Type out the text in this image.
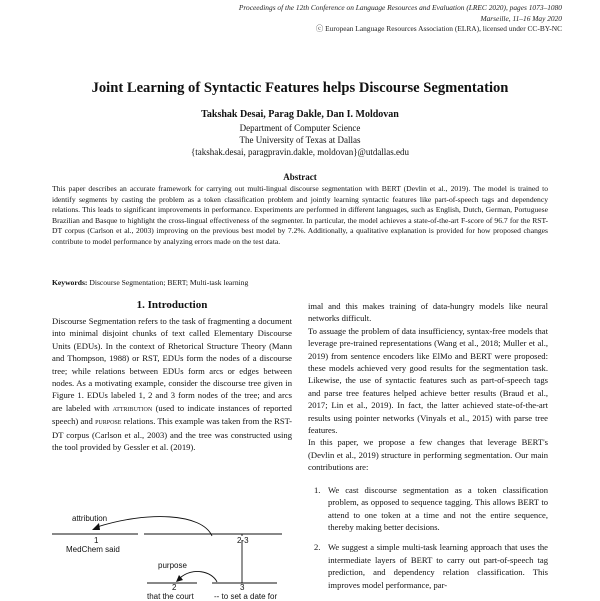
Proceedings of the 12th Conference on Language Resources and Evaluation (LREC 2020), pages 1073–1080
Marseille, 11–16 May 2020
ⓒ European Language Resources Association (ELRA), licensed under CC-BY-NC
Joint Learning of Syntactic Features helps Discourse Segmentation
Takshak Desai, Parag Dakle, Dan I. Moldovan
Department of Computer Science
The University of Texas at Dallas
{takshak.desai, paragpravin.dakle, moldovan}@utdallas.edu
Abstract

This paper describes an accurate framework for carrying out multi-lingual discourse segmentation with BERT (Devlin et al., 2019). The model is trained to identify segments by casting the problem as a token classification problem and jointly learning syntactic features like part-of-speech tags and dependency relations. This leads to significant improvements in performance. Experiments are performed in different languages, such as English, Dutch, German, Portuguese Brazilian and Basque to highlight the cross-lingual effectiveness of the segmenter. In particular, the model achieves a state-of-the-art F-score of 96.7 for the RST-DT corpus (Carlson et al., 2003) improving on the previous best model by 7.2%. Additionally, a qualitative explanation is provided for how proposed changes contribute to model performance by analyzing errors made on the test data.

Keywords: Discourse Segmentation; BERT; Multi-task learning

1. Introduction

Discourse Segmentation refers to the task of fragmenting a document into minimal disjoint chunks of text called Elementary Discourse Units (EDUs). In the context of Rhetorical Structure Theory (Mann and Thompson, 1988) or RST, EDUs form the nodes of a discourse tree; while relations between EDUs form arcs or edges between nodes. As a motivating example, consider the discourse tree given in Figure 1. EDUs labeled 1, 2 and 3 form nodes of the tree; and arcs are labeled with attribution (used to indicate instances of reported speech) and purpose relations. This example was taken from the RST-DT corpus (Carlson et al., 2003) and the tree was constructed using the tool provided by Gessler et al. (2019).

imal and this makes training of data-hungry models like neural networks difficult.

To assuage the problem of data insufficiency, syntax-free models that leverage pre-trained representations (Wang et al., 2018; Muller et al., 2019) from sentence encoders like ElMo and BERT were proposed: these models achieved very good results for the segmentation task. Likewise, the use of syntactic features such as part-of-speech tags and parse tree features helped achieve better results (Braud et al., 2017; Lin et al., 2019). In fact, the latter achieved state-of-the-art results using pointer networks (Vinyals et al., 2015) with parse tree features.

In this paper, we propose a few changes that leverage BERT's (Devlin et al., 2019) structure in performing segmentation. Our main contributions are:

1. We cast discourse segmentation as a token classification problem, as opposed to sequence tagging. This allows BERT to attend to one token at a time and not the entire sequence, thereby making better decisions.
2. We suggest a simple multi-task learning approach that uses the intermediate layers of BERT to carry out part-of-speech tag prediction, and dependency relation classification. This improves model performance, par-
attribution
1
MedChem said
2-3
purpose
2
that the court
3
-- to set a date for
